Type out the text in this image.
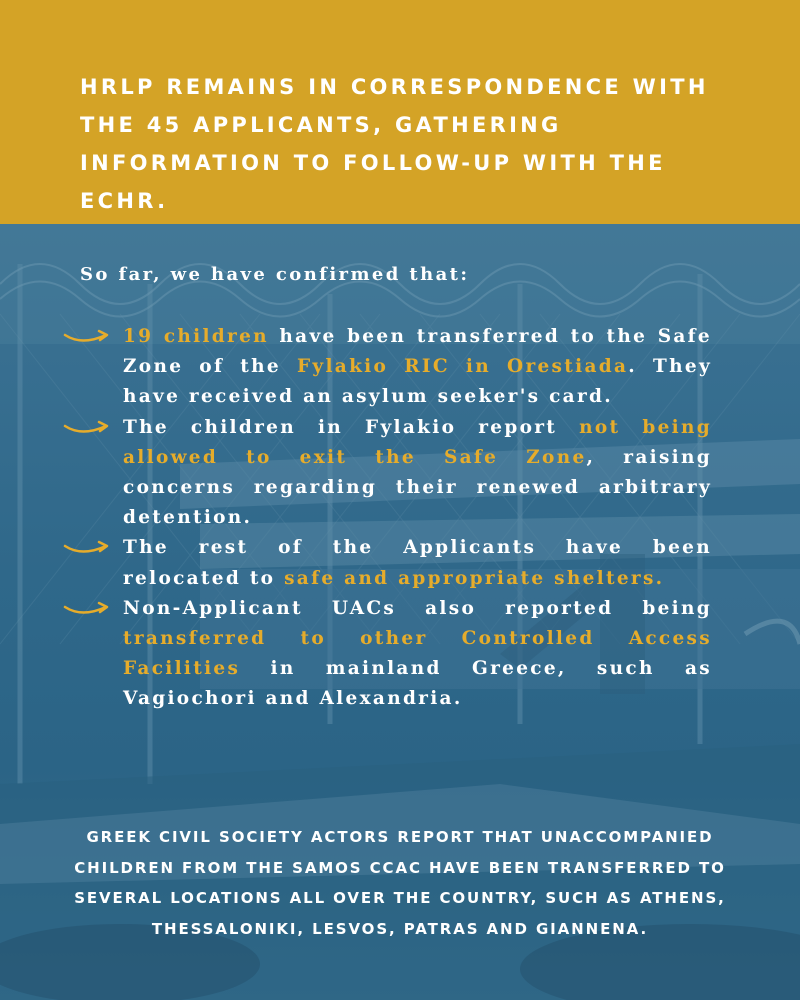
HRLP REMAINS IN CORRESPONDENCE WITH THE 45 APPLICANTS, GATHERING INFORMATION TO FOLLOW-UP WITH THE ECHR.

So far, we have confirmed that:

19 children have been transferred to the Safe Zone of the Fylakio RIC in Orestiada. They have received an asylum seeker's card.
The children in Fylakio report not being allowed to exit the Safe Zone, raising concerns regarding their renewed arbitrary detention.
The rest of the Applicants have been relocated to safe and appropriate shelters.
Non-Applicant UACs also reported being transferred to other Controlled Access Facilities in mainland Greece, such as Vagiochori and Alexandria.

GREEK CIVIL SOCIETY ACTORS REPORT THAT UNACCOMPANIED CHILDREN FROM THE SAMOS CCAC HAVE BEEN TRANSFERRED TO SEVERAL LOCATIONS ALL OVER THE COUNTRY, SUCH AS ATHENS, THESSALONIKI, LESVOS, PATRAS AND GIANNENA.
